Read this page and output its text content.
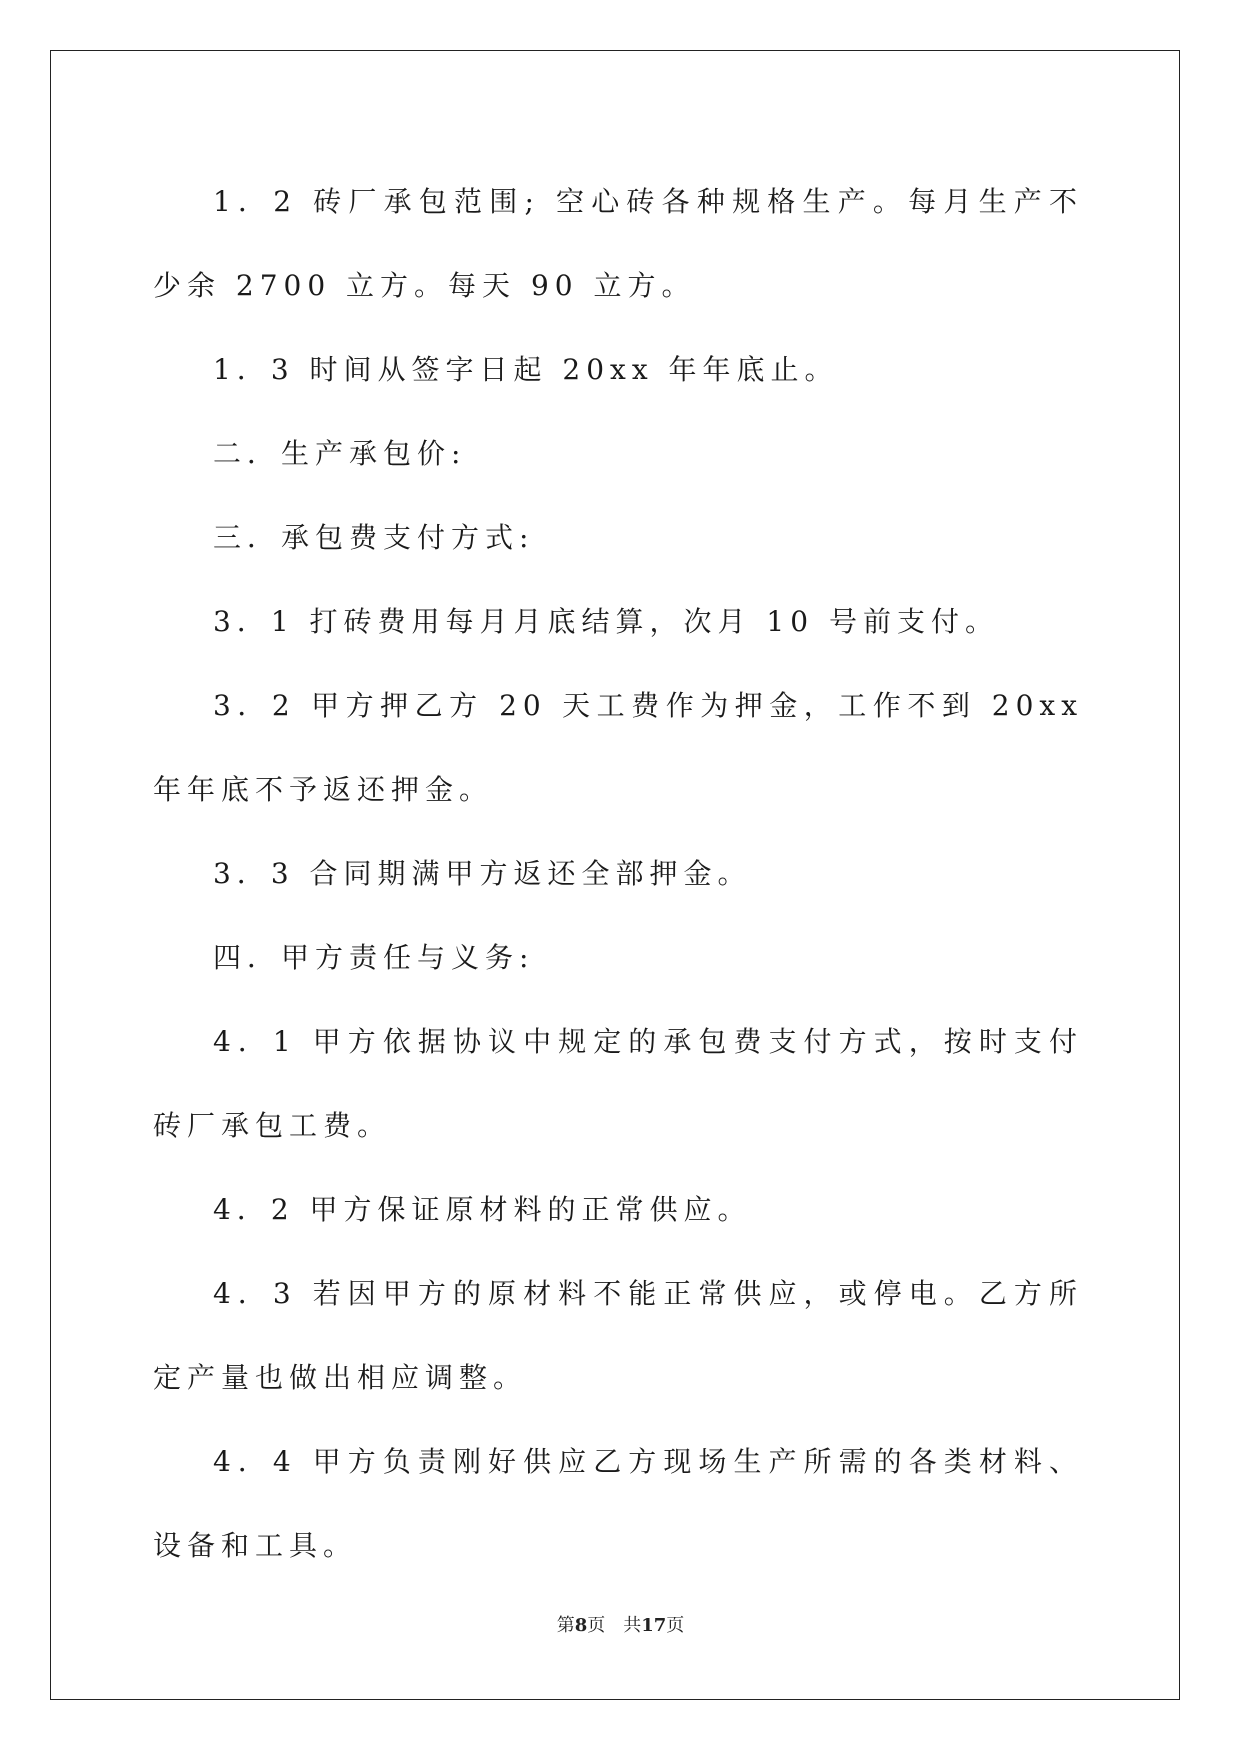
1．2 砖厂承包范围; 空心砖各种规格生产。每月生产不少余 2700 立方。每天 90 立方。

1．3 时间从签字日起 20xx 年年底止。

二．生产承包价:

三．承包费支付方式:

3．1 打砖费用每月月底结算，次月 10 号前支付。

3．2 甲方押乙方 20 天工费作为押金，工作不到 20xx 年年底不予返还押金。

3．3 合同期满甲方返还全部押金。

四．甲方责任与义务:

4．1 甲方依据协议中规定的承包费支付方式，按时支付砖厂承包工费。

4．2 甲方保证原材料的正常供应。

4．3 若因甲方的原材料不能正常供应，或停电。乙方所定产量也做出相应调整。

4．4 甲方负责刚好供应乙方现场生产所需的各类材料、设备和工具。

第8页 共17页
